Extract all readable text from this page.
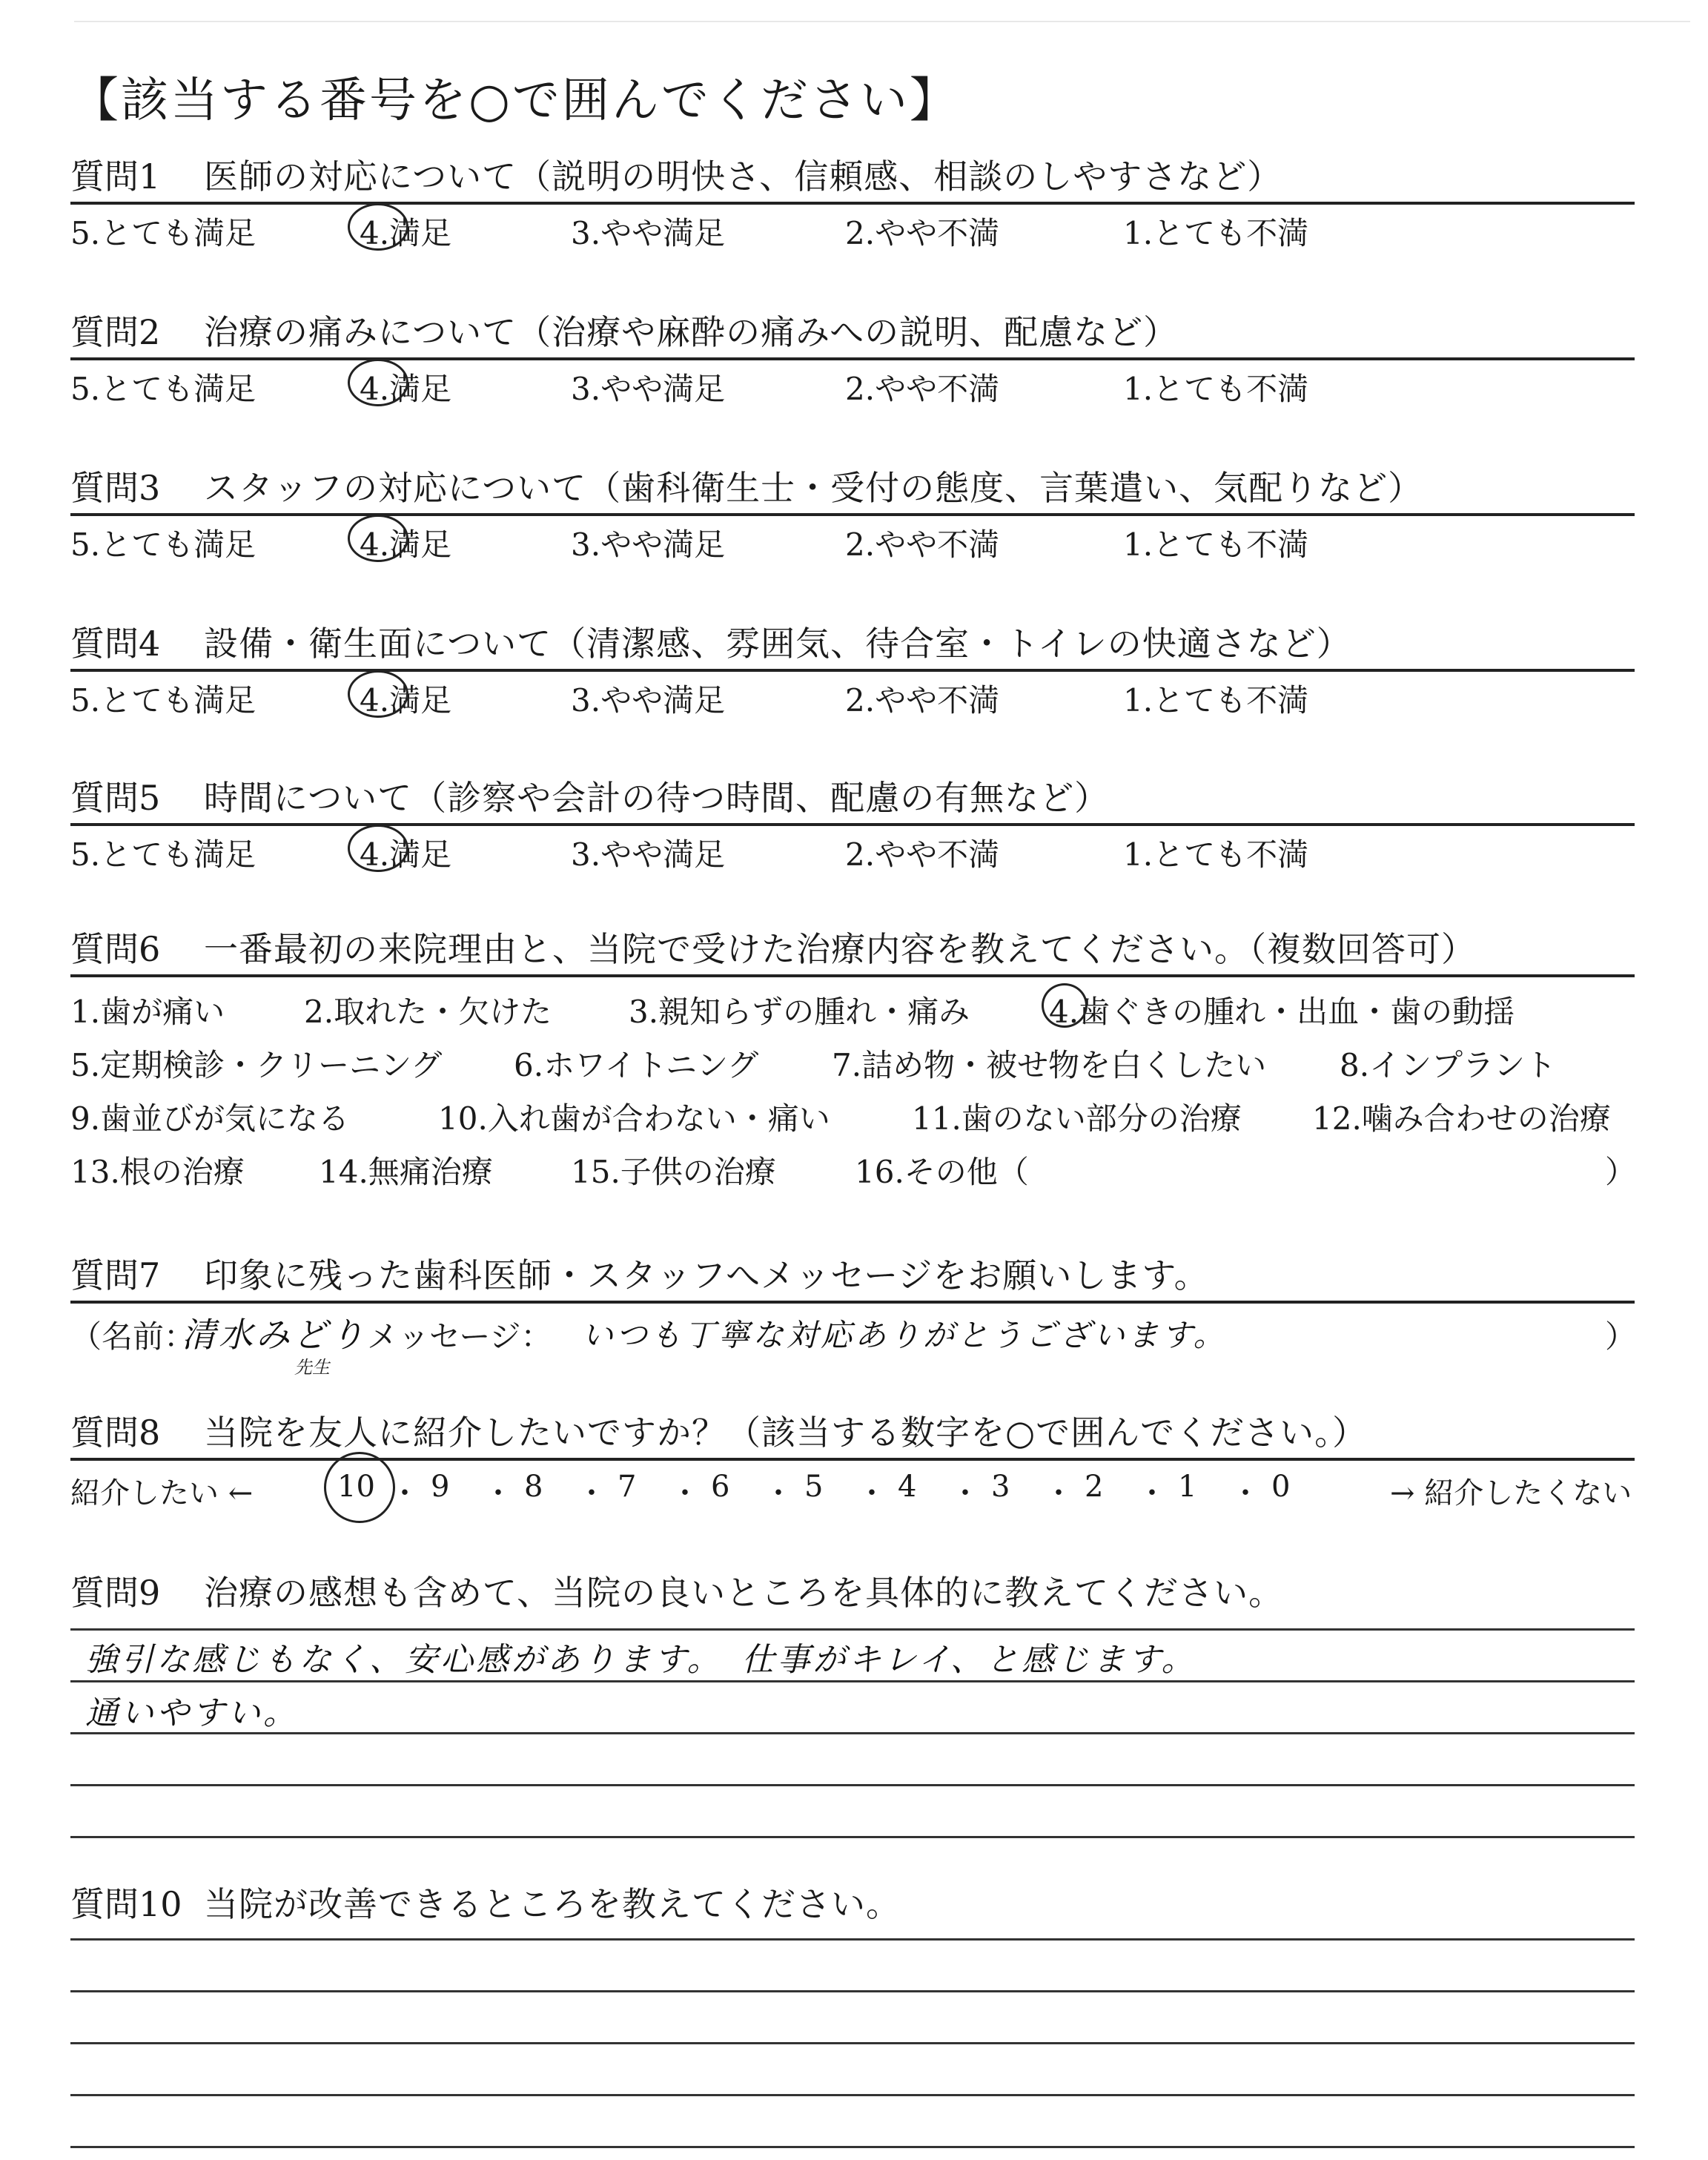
【該当する番号を○で囲んでください】
質問1 医師の対応について（説明の明快さ、信頼感、相談のしやすさなど）
5.とても満足	4.満足	3.やや満足	2.やや不満	1.とても不満
質問2 治療の痛みについて（治療や麻酔の痛みへの説明、配慮など）
5.とても満足	4.満足	3.やや満足	2.やや不満	1.とても不満
質問3 スタッフの対応について（歯科衛生士・受付の態度、言葉遣い、気配りなど）
5.とても満足	4.満足	3.やや満足	2.やや不満	1.とても不満
質問4 設備・衛生面について（清潔感、雰囲気、待合室・トイレの快適さなど）
5.とても満足	4.満足	3.やや満足	2.やや不満	1.とても不満
質問5 時間について（診察や会計の待つ時間、配慮の有無など）
5.とても満足	4.満足	3.やや満足	2.やや不満	1.とても不満
質問6 一番最初の来院理由と、当院で受けた治療内容を教えてください。（複数回答可）
1.歯が痛い	2.取れた・欠けた 3.親知らずの腫れ・痛み	4.歯ぐきの腫れ・出血・歯の動揺
5.定期検診・クリーニング 6.ホワイトニング 7.詰め物・被せ物を白くしたい 8.インプラント
9.歯並びが気になる	10.入れ歯が合わない・痛い	11.歯のない部分の治療 12.噛み合わせの治療
13.根の治療 14.無痛治療	15.子供の治療	16.その他（	）
質問7 印象に残った歯科医師・スタッフへメッセージをお願いします。
（名前：
清水みどり
先生
メッセージ： いつも丁寧な対応ありがとうございます。	）
質問8 当院を友人に紹介したいですか？（該当する数字を○で囲んでください。）
紹介したい ←	10 ・ 9 ・ 8 ・ 7 ・ 6 ・ 5 ・ 4 ・ 3 ・ 2 ・ 1 ・ 0	→ 紹介したくない
質問9 治療の感想も含めて、当院の良いところを具体的に教えてください。
強引な感じもなく、安心感があります。　仕事がキレイ、と感じます。
通いやすい。
質問10 当院が改善できるところを教えてください。
